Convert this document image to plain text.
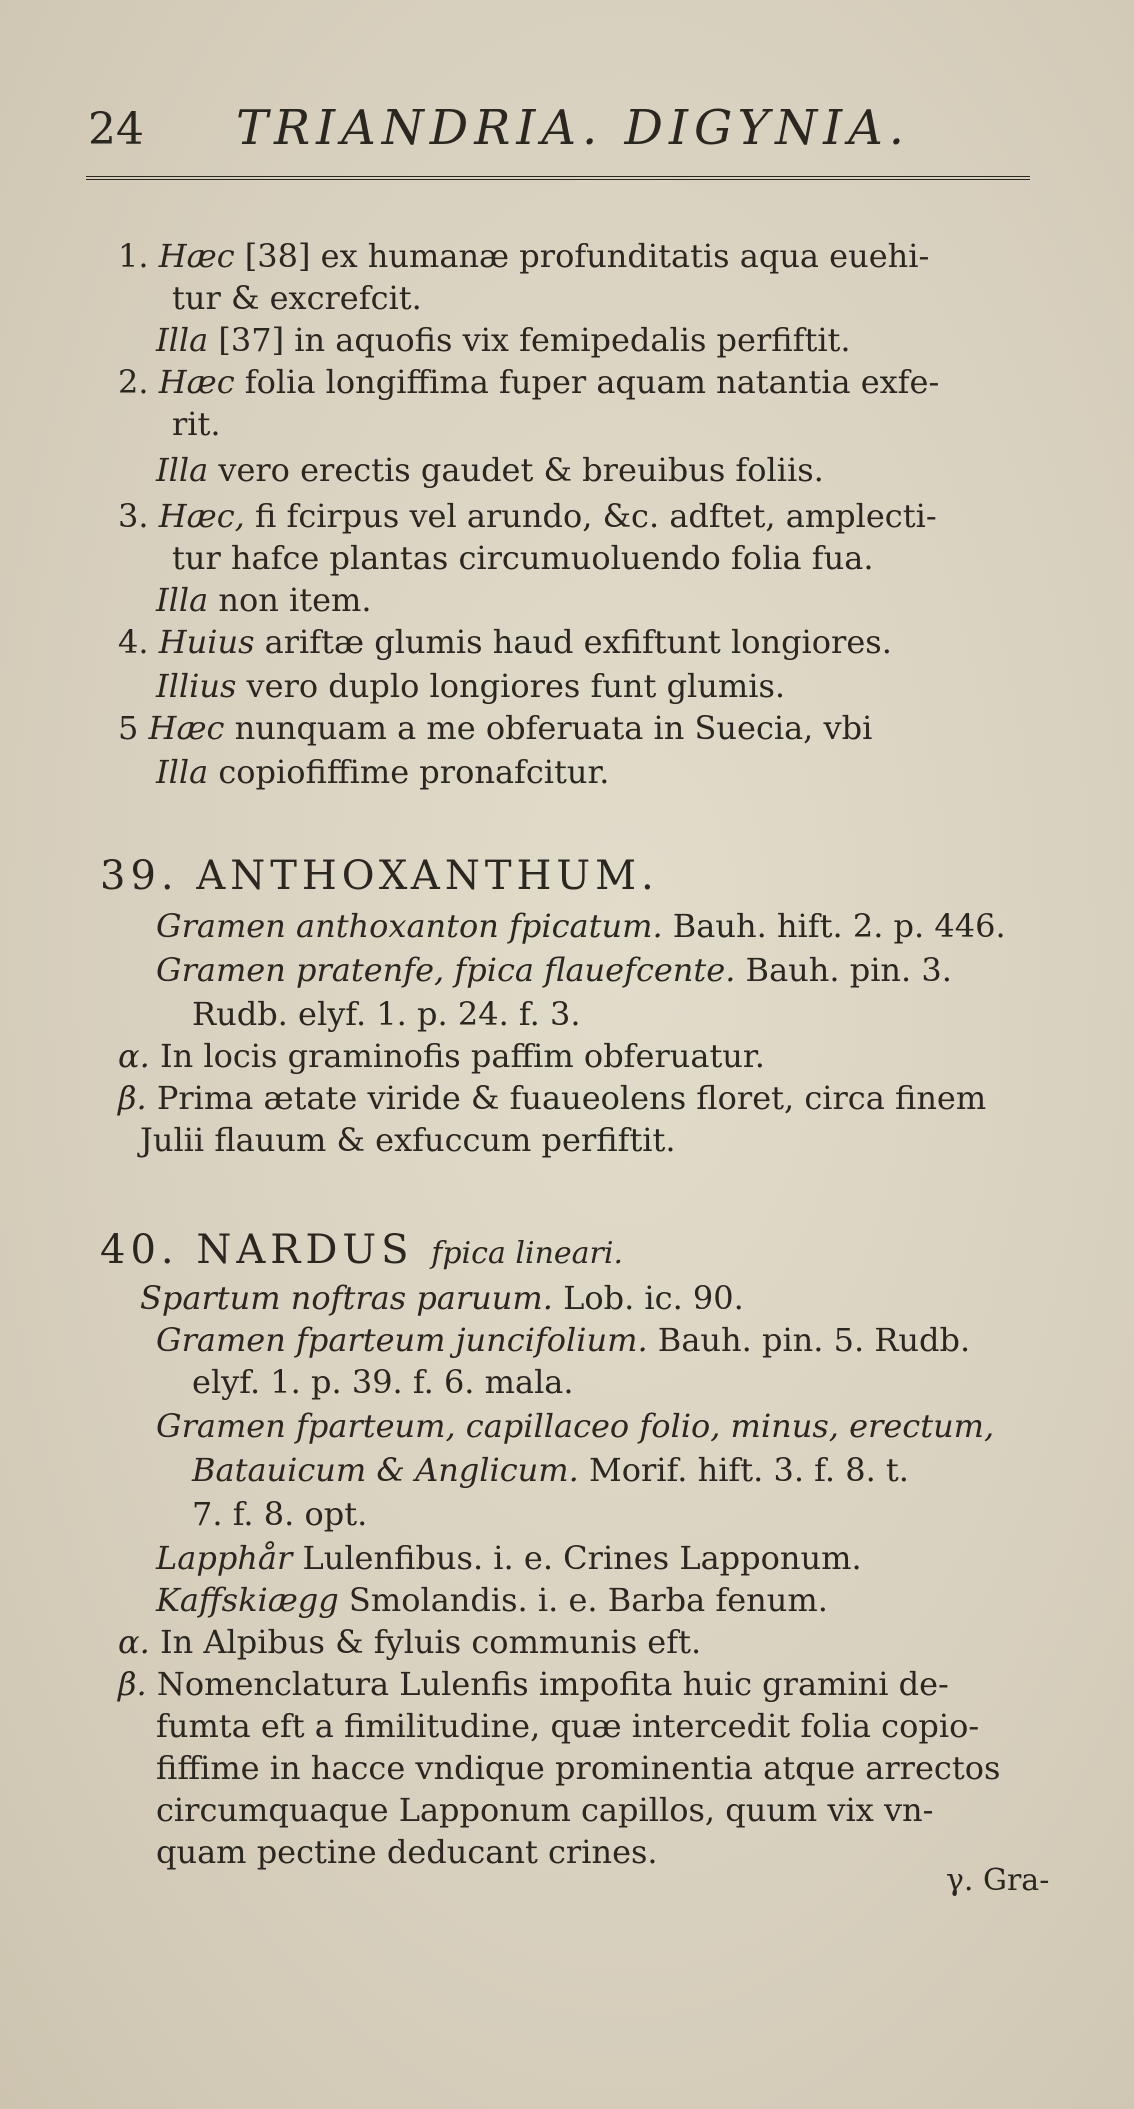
24 TRIANDRIA. DIGYNIA.
1. Hæc [38] ex humanæ profunditatis aqua euehi-
tur & excrefcit.
Illa [37] in aquofis vix femipedalis perfiftit.
2. Hæc folia longiffima fuper aquam natantia exfe-
rit.
Illa vero erectis gaudet & breuibus foliis.
3. Hæc, fi fcirpus vel arundo, &c. adftet, amplecti-
tur hafce plantas circumuoluendo folia fua.
Illa non item.
4. Huius ariftæ glumis haud exfiftunt longiores.
Illius vero duplo longiores funt glumis.
5 Hæc nunquam a me obferuata in Suecia, vbi
Illa copiofiffime pronafcitur.
39. ANTHOXANTHUM.
Gramen anthoxanton fpicatum. Bauh. hift. 2. p. 446.
Gramen pratenfe, fpica flauefcente. Bauh. pin. 3.
Rudb. elyf. 1. p. 24. f. 3.
α. In locis graminofis paffim obferuatur.
β. Prima ætate viride & fuaueolens floret, circa finem
Julii flauum & exfuccum perfiftit.
40. NARDUS fpica lineari.
Spartum noftras paruum. Lob. ic. 90.
Gramen fparteum juncifolium. Bauh. pin. 5. Rudb.
elyf. 1. p. 39. f. 6. mala.
Gramen fparteum, capillaceo folio, minus, erectum,
Batauicum & Anglicum. Morif. hift. 3. f. 8. t.
7. f. 8. opt.
Lapphår Lulenfibus. i. e. Crines Lapponum.
Kaffskiægg Smolandis. i. e. Barba fenum.
α. In Alpibus & fyluis communis eft.
β. Nomenclatura Lulenfis impofita huic gramini de-
fumta eft a fimilitudine, quæ intercedit folia copio-
fiffime in hacce vndique prominentia atque arrectos
circumquaque Lapponum capillos, quum vix vn-
quam pectine deducant crines.
γ. Gra-
